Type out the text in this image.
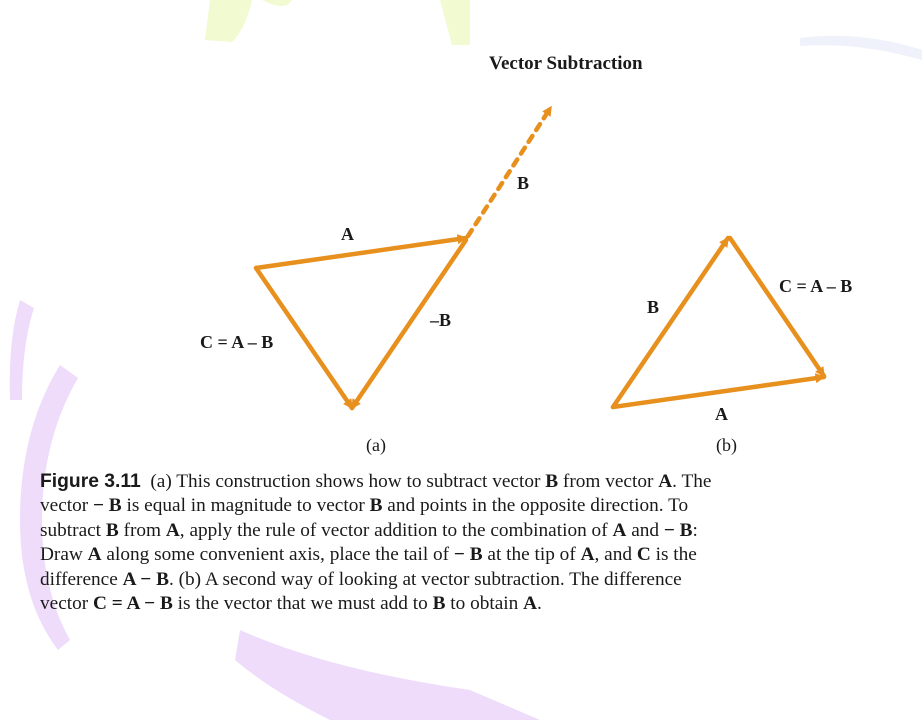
Vector Subtraction
A
B
–B
C = A – B
(a)
B
C = A – B
A
(b)
Figure 3.11  (a) This construction shows how to subtract vector B from vector A. The
vector − B is equal in magnitude to vector B and points in the opposite direction. To
subtract B from A, apply the rule of vector addition to the combination of A and − B:
Draw A along some convenient axis, place the tail of − B at the tip of A, and C is the
difference A − B. (b) A second way of looking at vector subtraction. The difference
vector C = A − B is the vector that we must add to B to obtain A.
